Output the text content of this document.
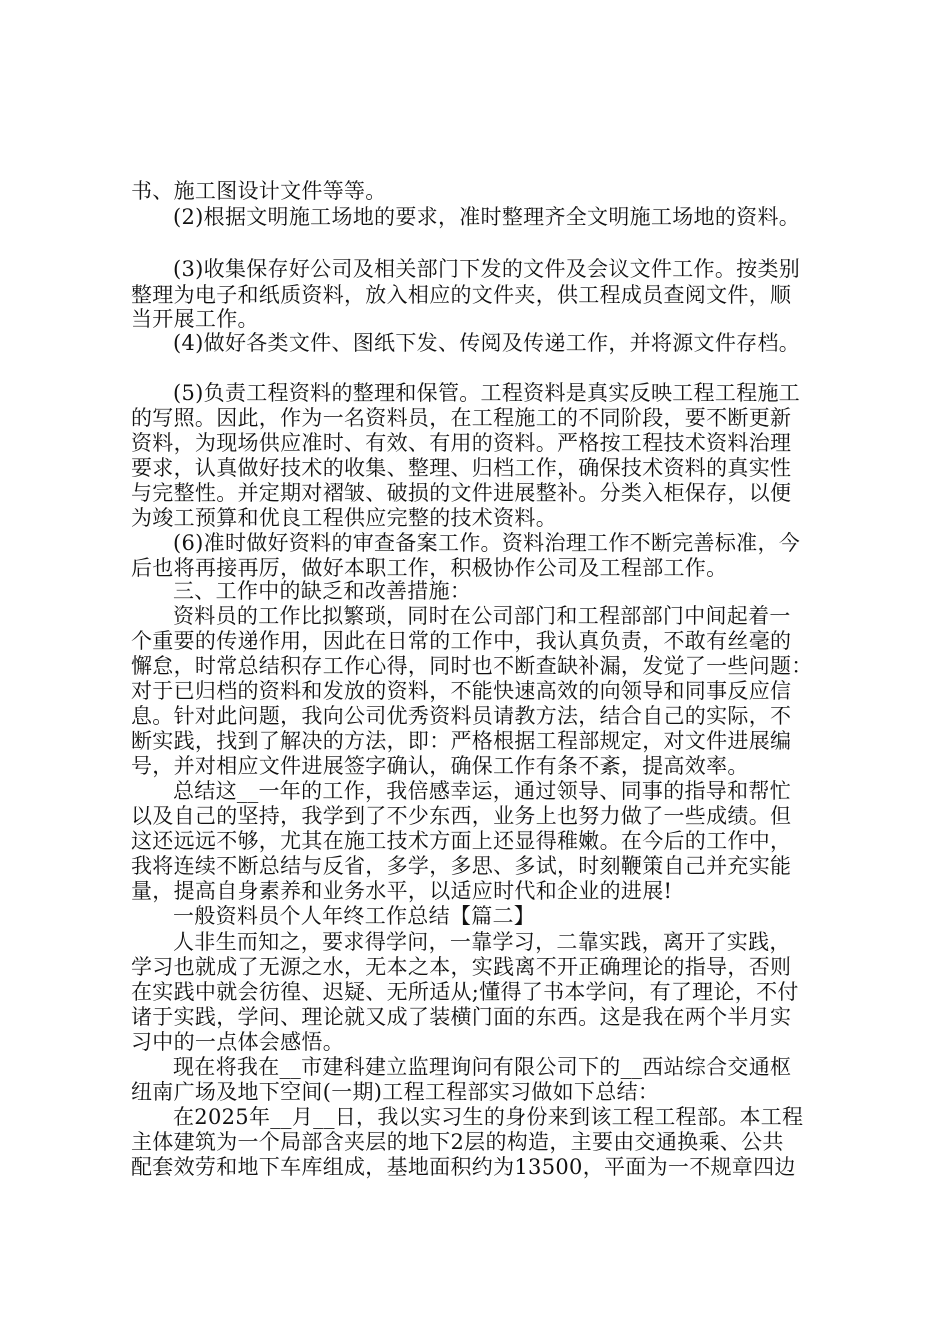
书、施工图设计文件等等。
(2)根据文明施工场地的要求，准时整理齐全文明施工场地的资料。
(3)收集保存好公司及相关部门下发的文件及会议文件工作。按类别
整理为电子和纸质资料，放入相应的文件夹，供工程成员查阅文件，顺
当开展工作。
(4)做好各类文件、图纸下发、传阅及传递工作，并将源文件存档。
(5)负责工程资料的整理和保管。工程资料是真实反映工程工程施工
的写照。因此，作为一名资料员，在工程施工的不同阶段，要不断更新
资料，为现场供应准时、有效、有用的资料。严格按工程技术资料治理
要求，认真做好技术的收集、整理、归档工作，确保技术资料的真实性
与完整性。并定期对褶皱、破损的文件进展整补。分类入柜保存，以便
为竣工预算和优良工程供应完整的技术资料。
(6)准时做好资料的审查备案工作。资料治理工作不断完善标准，今
后也将再接再厉，做好本职工作，积极协作公司及工程部工作。
三、工作中的缺乏和改善措施：
资料员的工作比拟繁琐，同时在公司部门和工程部部门中间起着一
个重要的传递作用，因此在日常的工作中，我认真负责，不敢有丝毫的
懈怠，时常总结积存工作心得，同时也不断查缺补漏，发觉了一些问题：
对于已归档的资料和发放的资料，不能快速高效的向领导和同事反应信
息。针对此问题，我向公司优秀资料员请教方法，结合自己的实际，不
断实践，找到了解决的方法，即：严格根据工程部规定，对文件进展编
号，并对相应文件进展签字确认，确保工作有条不紊，提高效率。
总结这__一年的工作，我倍感幸运，通过领导、同事的指导和帮忙
以及自己的坚持，我学到了不少东西，业务上也努力做了一些成绩。但
这还远远不够，尤其在施工技术方面上还显得稚嫩。在今后的工作中，
我将连续不断总结与反省，多学，多思、多试，时刻鞭策自己并充实能
量，提高自身素养和业务水平，以适应时代和企业的进展!
一般资料员个人年终工作总结【篇二】
人非生而知之，要求得学问，一靠学习，二靠实践，离开了实践，
学习也就成了无源之水，无本之本，实践离不开正确理论的指导，否则
在实践中就会彷徨、迟疑、无所适从;懂得了书本学问，有了理论，不付
诸于实践，学问、理论就又成了装横门面的东西。这是我在两个半月实
习中的一点体会感悟。
现在将我在__市建科建立监理询问有限公司下的__西站综合交通枢
纽南广场及地下空间(一期)工程工程部实习做如下总结：
在2025年__月__日，我以实习生的身份来到该工程工程部。本工程
主体建筑为一个局部含夹层的地下2层的构造，主要由交通换乘、公共
配套效劳和地下车库组成，基地面积约为13500，平面为一不规章四边
